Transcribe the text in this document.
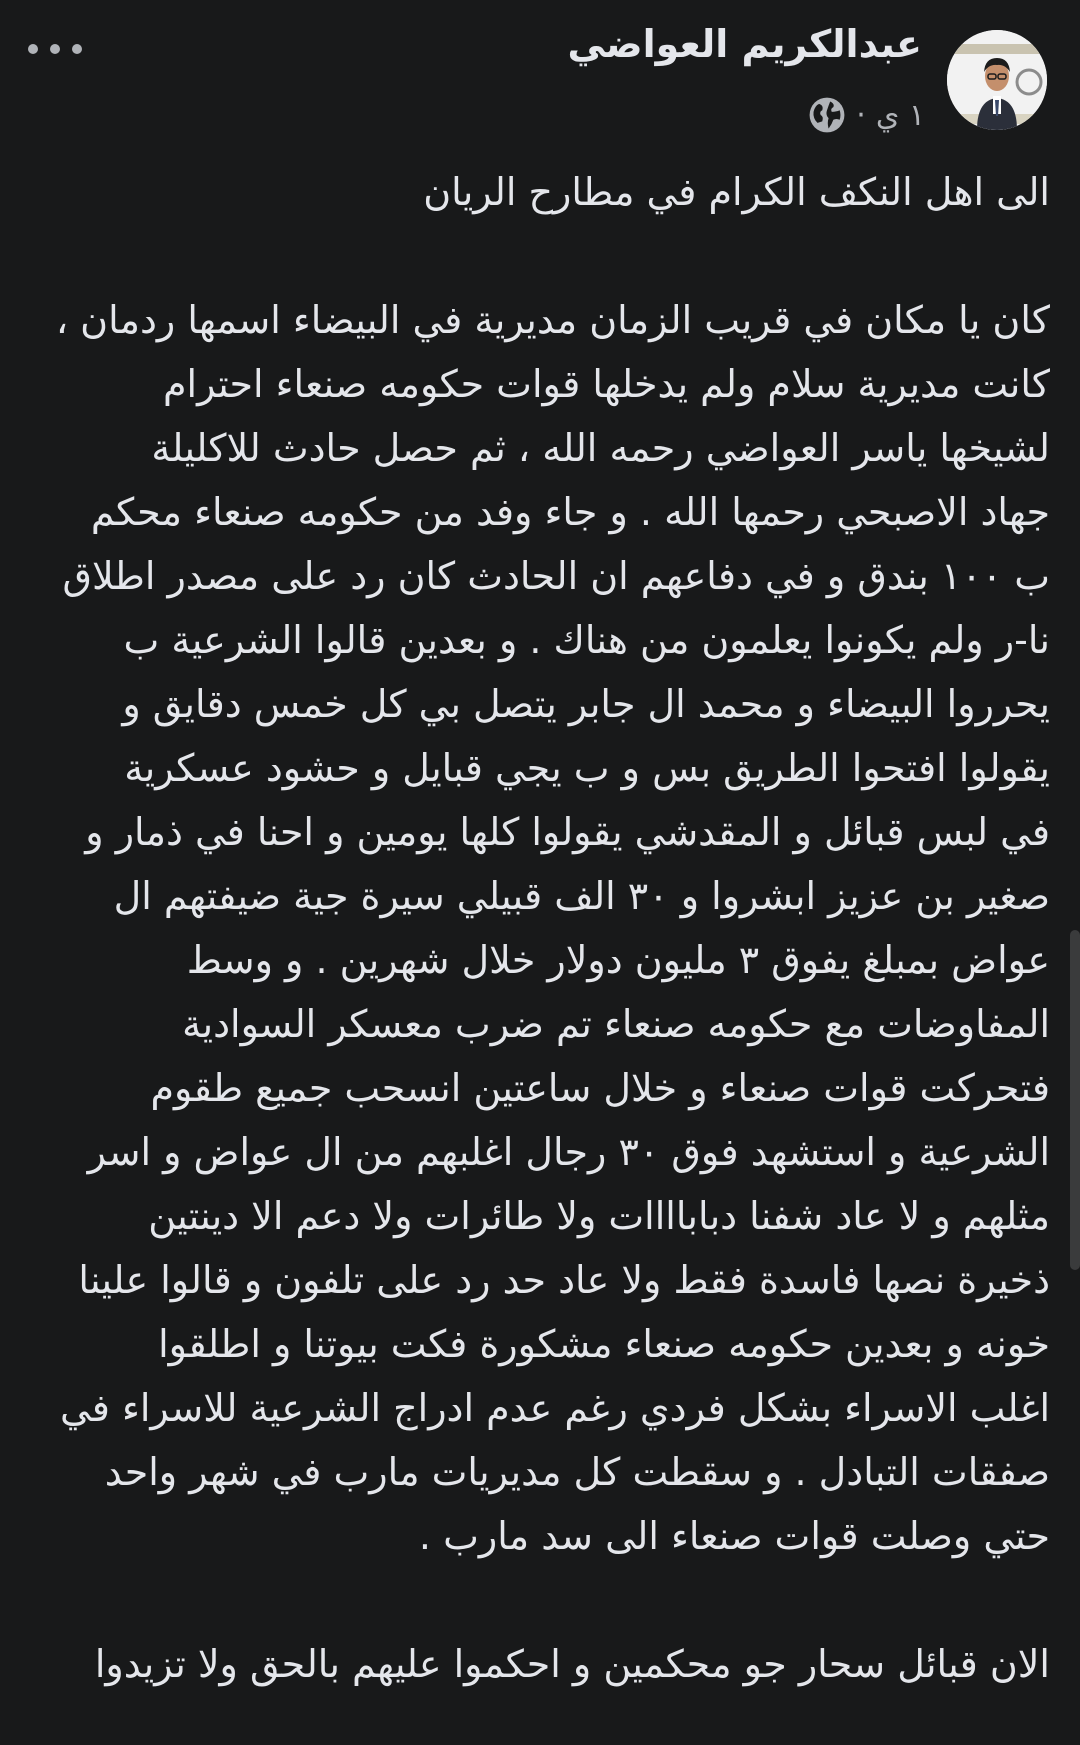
عبدالكريم العواضي
١ ي
·

الى اهل النكف الكرام في مطارح الريان

كان يا مكان في قريب الزمان مديرية في البيضاء اسمها ردمان ،

كانت مديرية سلام ولم يدخلها قوات حكومه صنعاء احترام

لشيخها ياسر العواضي رحمه الله ، ثم حصل حادث للاكليلة

جهاد الاصبحي رحمها الله . و جاء وفد من حكومه صنعاء محكم

ب ١٠٠ بندق و في دفاعهم ان الحادث كان رد على مصدر اطلاق

نا-ر ولم يكونوا يعلمون من هناك . و بعدين قالوا الشرعية ب

يحرروا البيضاء و محمد ال جابر يتصل بي كل خمس دقايق و

يقولوا افتحوا الطريق بس و ب يجي قبايل و حشود عسكرية

في لبس قبائل و المقدشي يقولوا كلها يومين و احنا في ذمار و

صغير بن عزيز ابشروا و ٣٠ الف قبيلي سيرة جية ضيفتهم ال

عواض بمبلغ يفوق ٣ مليون دولار خلال شهرين . و وسط

المفاوضات مع حكومه صنعاء تم ضرب معسكر السوادية

فتحركت قوات صنعاء و خلال ساعتين انسحب جميع طقوم

الشرعية و استشهد فوق ٣٠ رجال اغلبهم من ال عواض و اسر

مثلهم و لا عاد شفنا دباباااات ولا طائرات ولا دعم الا دينتين

ذخيرة نصها فاسدة فقط ولا عاد حد رد على تلفون و قالوا علينا

خونه و بعدين حكومه صنعاء مشكورة فكت بيوتنا و اطلقوا

اغلب الاسراء بشكل فردي رغم عدم ادراج الشرعية للاسراء في

صفقات التبادل . و سقطت كل مديريات مارب في شهر واحد

حتي وصلت قوات صنعاء الى سد مارب .

الان قبائل سحار جو محكمين و احكموا عليهم بالحق ولا تزيدوا
